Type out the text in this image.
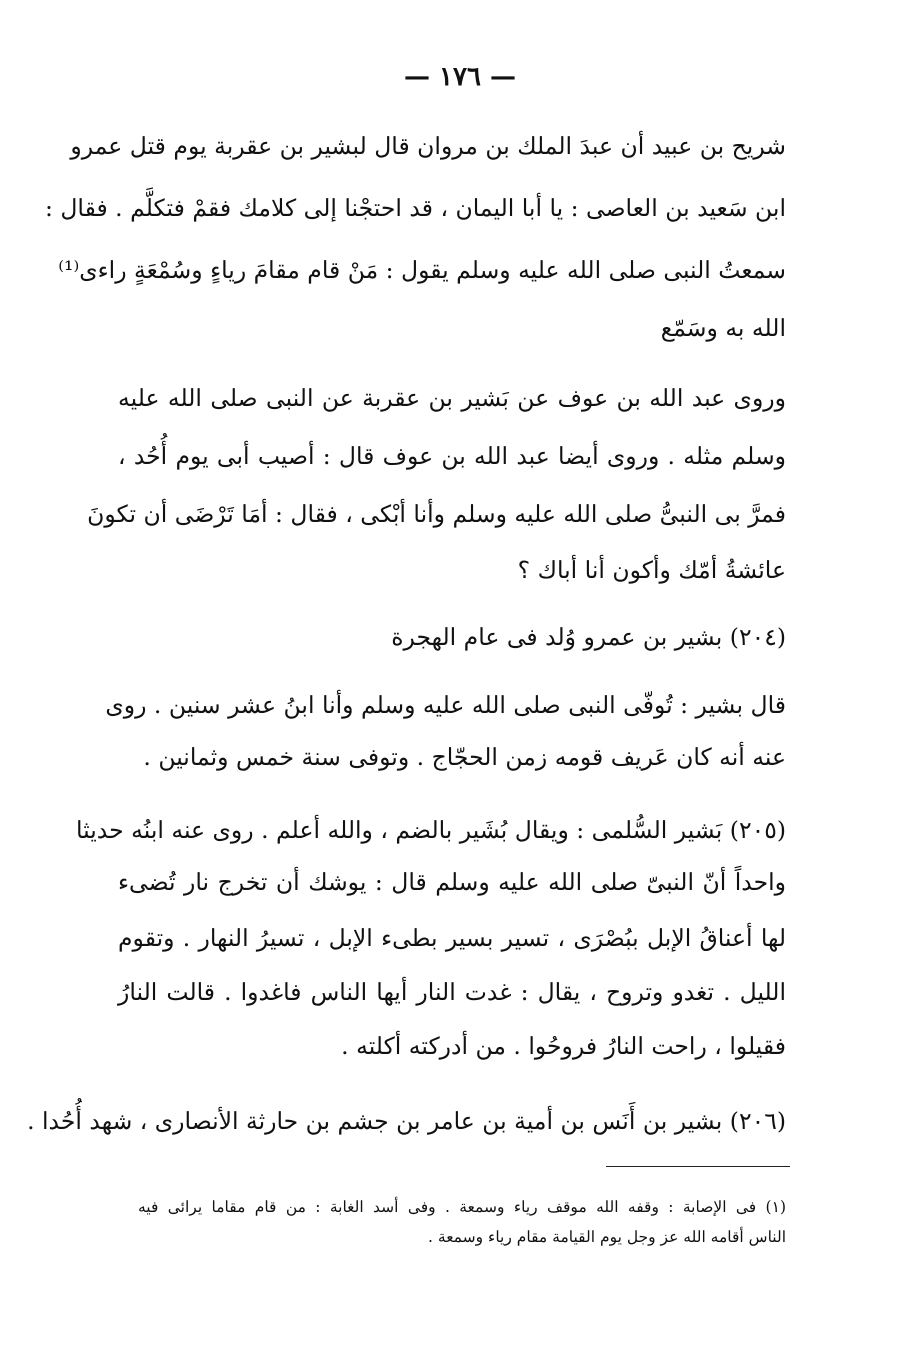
— ١٧٦ —
شريح بن عبيد أن عبدَ الملك بن مروان قال لبشير بن عقربة يوم قتل عمرو
ابن سَعيد بن العاصى : يا أبا اليمان ، قد احتجْنا إلى كلامك فقمْ فتكلَّم . فقال :
سمعتُ النبى صلى الله عليه وسلم يقول : مَنْ قام مقامَ رياءٍ وسُمْعَةٍ راءى⁽¹⁾
الله به وسَمّع
وروى عبد الله بن عوف عن بَشير بن عقربة عن النبى صلى الله عليه
وسلم مثله . وروى أيضا عبد الله بن عوف قال : أصيب أبى يوم أُحُد ،
فمرَّ بى النبىُّ صلى الله عليه وسلم وأنا أبْكى ، فقال : أمَا تَرْضَى أن تكونَ
عائشةُ أمّك وأكون أنا أباك ؟
(٢٠٤) بشير بن عمرو وُلد فى عام الهجرة
قال بشير : تُوفّى النبى صلى الله عليه وسلم وأنا ابنُ عشر سنين . روى
عنه أنه كان عَريف قومه زمن الحجّاج . وتوفى سنة خمس وثمانين .
(٢٠٥) بَشير السُّلمى : ويقال بُشَير بالضم ، والله أعلم . روى عنه ابنُه حديثا
واحداً أنّ النبىّ صلى الله عليه وسلم قال : يوشك أن تخرج نار تُضىء
لها أعناقُ الإبل ببُصْرَى ، تسير بسير بطىء الإبل ، تسيرُ النهار . وتقوم
الليل . تغدو وتروح ، يقال : غدت النار أيها الناس فاغدوا . قالت النارُ
فقيلوا ، راحت النارُ فروحُوا . من أدركته أكلته .
(٢٠٦) بشير بن أَنَس بن أمية بن عامر بن جشم بن حارثة الأنصارى ، شهد أُحُدا .
(١) فى الإصابة : وقفه الله موقف رياء وسمعة . وفى أسد الغابة : من قام مقاما يرائى فيه
الناس أقامه الله عز وجل يوم القيامة مقام رياء وسمعة .
